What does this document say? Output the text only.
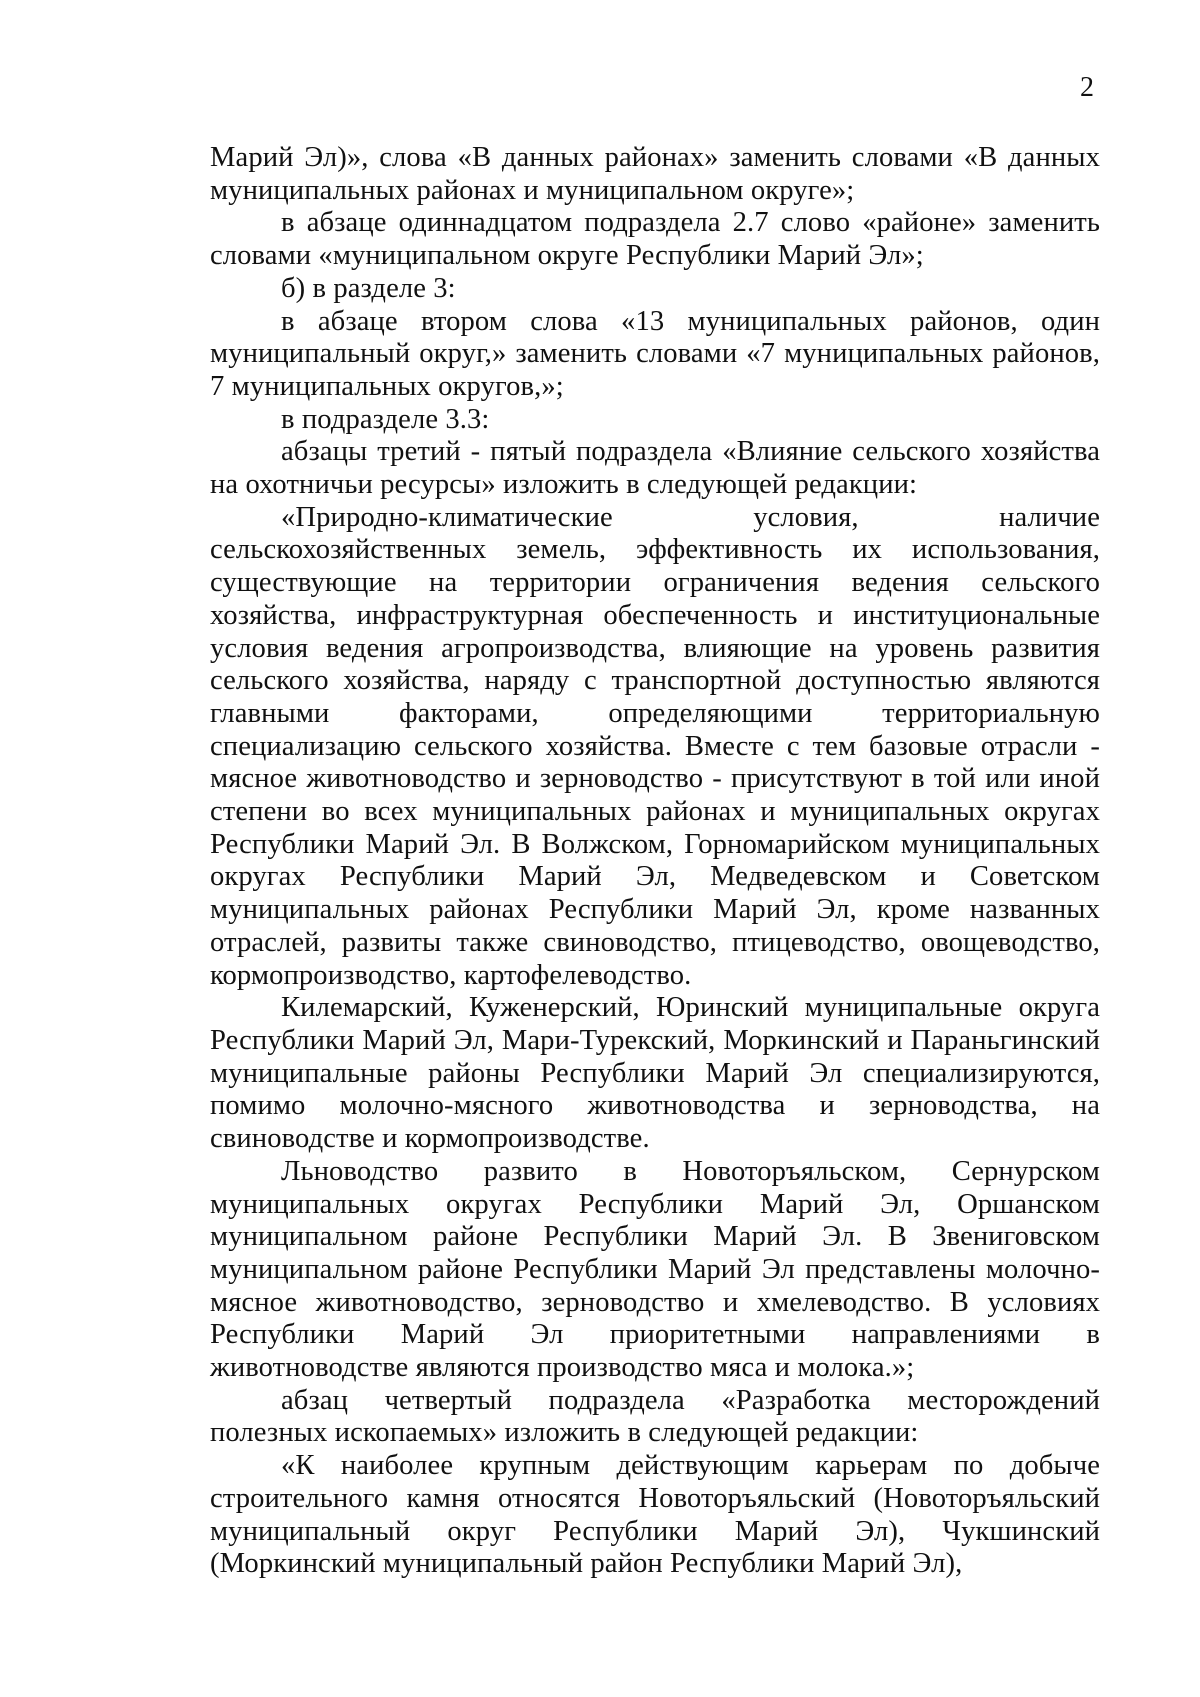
2

Марий Эл)», слова «В данных районах» заменить словами «В данных муниципальных районах и муниципальном округе»;

в абзаце одиннадцатом подраздела 2.7 слово «районе» заменить словами «муниципальном округе Республики Марий Эл»;

б) в разделе 3:

в абзаце втором слова «13 муниципальных районов, один муниципальный округ,» заменить словами «7 муниципальных районов, 7 муниципальных округов,»;

в подразделе 3.3:

абзацы третий - пятый подраздела «Влияние сельского хозяйства на охотничьи ресурсы» изложить в следующей редакции:

«Природно-климатические условия, наличие сельскохозяйственных земель, эффективность их использования, существующие на территории ограничения ведения сельского хозяйства, инфраструктурная обеспеченность и институциональные условия ведения агропроизводства, влияющие на уровень развития сельского хозяйства, наряду с транспортной доступностью являются главными факторами, определяющими территориальную специализацию сельского хозяйства. Вместе с тем базовые отрасли - мясное животноводство и зерноводство - присутствуют в той или иной степени во всех муниципальных районах и муниципальных округах Республики Марий Эл. В Волжском, Горномарийском муниципальных округах Республики Марий Эл, Медведевском и Советском муниципальных районах Республики Марий Эл, кроме названных отраслей, развиты также свиноводство, птицеводство, овощеводство, кормопроизводство, картофелеводство.

Килемарский, Куженерский, Юринский муниципальные округа Республики Марий Эл, Мари-Турекский, Моркинский и Параньгинский муниципальные районы Республики Марий Эл специализируются, помимо молочно-мясного животноводства и зерноводства, на свиноводстве и кормопроизводстве.

Льноводство развито в Новоторъяльском, Сернурском муниципальных округах Республики Марий Эл, Оршанском муниципальном районе Республики Марий Эл. В Звениговском муниципальном районе Республики Марий Эл представлены молочно-мясное животноводство, зерноводство и хмелеводство. В условиях Республики Марий Эл приоритетными направлениями в животноводстве являются производство мяса и молока.»;

абзац четвертый подраздела «Разработка месторождений полезных ископаемых» изложить в следующей редакции:

«К наиболее крупным действующим карьерам по добыче строительного камня относятся Новоторъяльский (Новоторъяльский муниципальный округ Республики Марий Эл), Чукшинский (Моркинский муниципальный район Республики Марий Эл),
